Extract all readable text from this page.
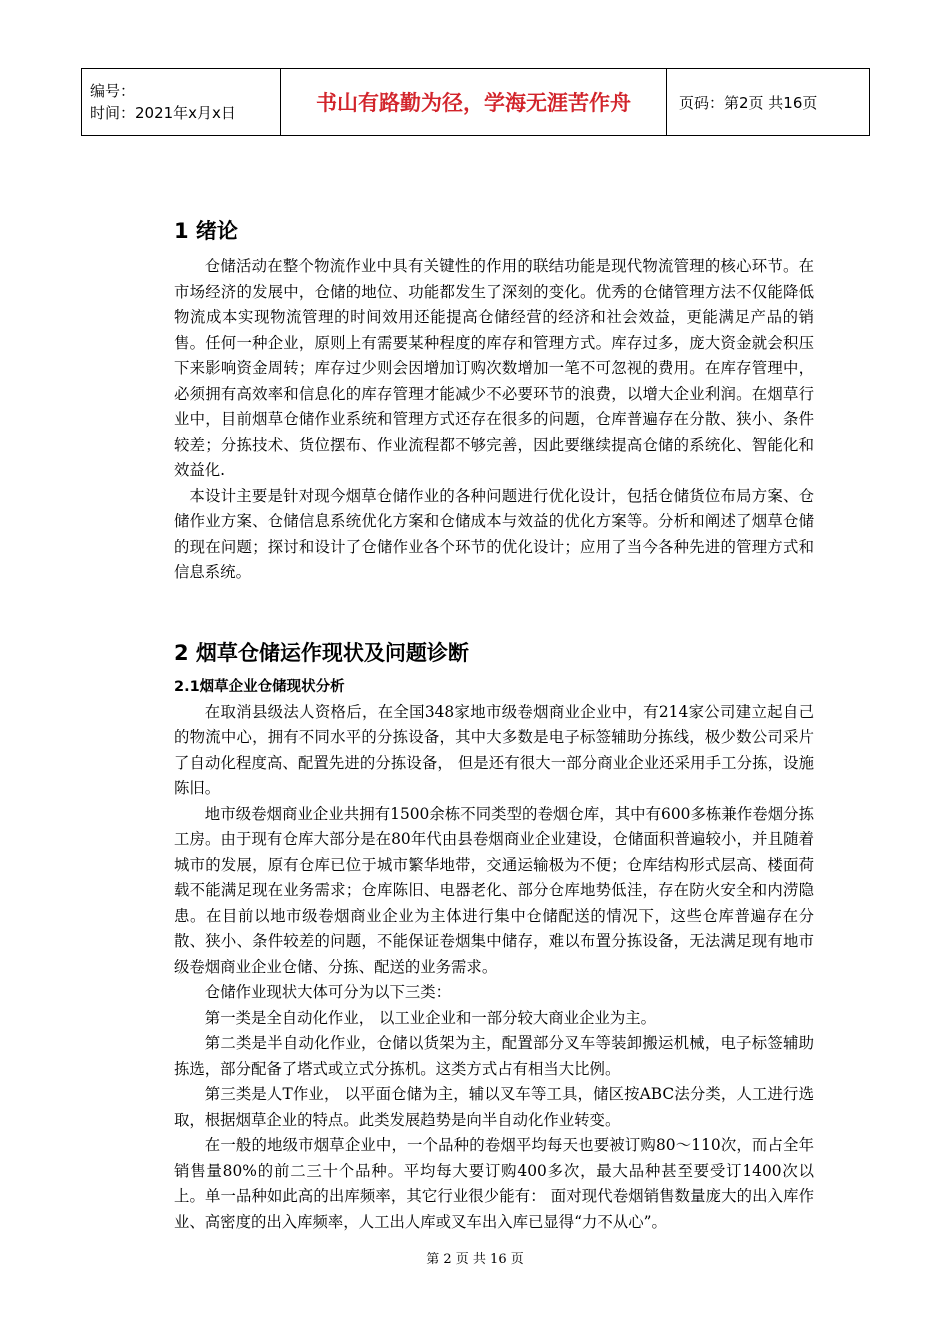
编号：
时间：2021年x月x日	书山有路勤为径，学海无涯苦作舟	页码：第2页 共16页
1 绪论

仓储活动在整个物流作业中具有关键性的作用的联结功能是现代物流管理的核心环节。在市场经济的发展中，仓储的地位、功能都发生了深刻的变化。优秀的仓储管理方法不仅能降低物流成本实现物流管理的时间效用还能提高仓储经营的经济和社会效益，更能满足产品的销售。任何一种企业，原则上有需要某种程度的库存和管理方式。库存过多，庞大资金就会积压下来影响资金周转；库存过少则会因增加订购次数增加一笔不可忽视的费用。在库存管理中，必须拥有高效率和信息化的库存管理才能减少不必要环节的浪费，以增大企业利润。在烟草行业中，目前烟草仓储作业系统和管理方式还存在很多的问题，仓库普遍存在分散、狭小、条件较差；分拣技术、货位摆布、作业流程都不够完善，因此要继续提高仓储的系统化、智能化和效益化.

本设计主要是针对现今烟草仓储作业的各种问题进行优化设计，包括仓储货位布局方案、仓储作业方案、仓储信息系统优化方案和仓储成本与效益的优化方案等。分析和阐述了烟草仓储的现在问题；探讨和设计了仓储作业各个环节的优化设计；应用了当今各种先进的管理方式和信息系统。

2 烟草仓储运作现状及问题诊断
2.1烟草企业仓储现状分析

在取消县级法人资格后，在全国348家地市级卷烟商业企业中，有214家公司建立起自己的物流中心，拥有不同水平的分拣设备，其中大多数是电子标签辅助分拣线，极少数公司采片了自动化程度高、配置先进的分拣设备， 但是还有很大一部分商业企业还采用手工分拣，设施陈旧。

地市级卷烟商业企业共拥有1500余栋不同类型的卷烟仓库，其中有600多栋兼作卷烟分拣工房。由于现有仓库大部分是在80年代由县卷烟商业企业建设，仓储面积普遍较小，并且随着城市的发展，原有仓库已位于城市繁华地带，交通运输极为不便；仓库结构形式层高、楼面荷载不能满足现在业务需求；仓库陈旧、电器老化、部分仓库地势低洼，存在防火安全和内涝隐患。在目前以地市级卷烟商业企业为主体进行集中仓储配送的情况下，这些仓库普遍存在分散、狭小、条件较差的问题，不能保证卷烟集中储存，难以布置分拣设备，无法满足现有地市级卷烟商业企业仓储、分拣、配送的业务需求。

仓储作业现状大体可分为以下三类：

第一类是全自动化作业， 以工业企业和一部分较大商业企业为主。

第二类是半自动化作业，仓储以货架为主，配置部分叉车等装卸搬运机械，电子标签辅助拣选，部分配备了塔式或立式分拣机。这类方式占有相当大比例。

第三类是人T作业， 以平面仓储为主，辅以叉车等工具，储区按ABC法分类，人工进行选取，根据烟草企业的特点。此类发展趋势是向半自动化作业转变。

在一般的地级市烟草企业中，一个品种的卷烟平均每天也要被订购80～110次，而占全年销售量80%的前二三十个品种。平均每大要订购400多次，最大品种甚至要受订1400次以上。单一品种如此高的出库频率，其它行业很少能有： 面对现代卷烟销售数量庞大的出入库作业、高密度的出入库频率，人工出人库或叉车出入库已显得“力不从心”。

第 2 页 共 16 页
